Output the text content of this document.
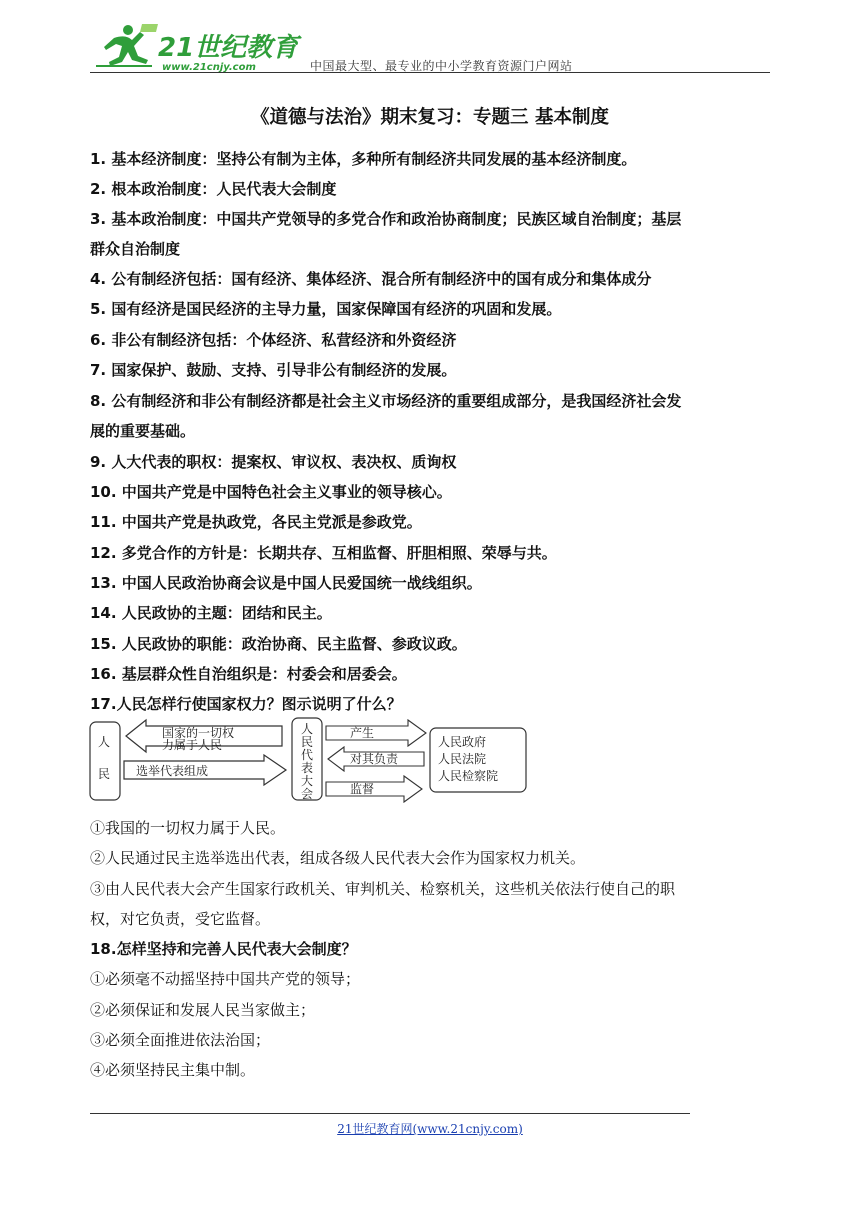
21世纪教育
www.21cnjy.com	中国最大型、最专业的中小学教育资源门户网站
《道德与法治》期末复习：专题三 基本制度
1. 基本经济制度：坚持公有制为主体，多种所有制经济共同发展的基本经济制度。
2. 根本政治制度：人民代表大会制度
3. 基本政治制度：中国共产党领导的多党合作和政治协商制度；民族区域自治制度；基层
群众自治制度
4. 公有制经济包括：国有经济、集体经济、混合所有制经济中的国有成分和集体成分
5. 国有经济是国民经济的主导力量，国家保障国有经济的巩固和发展。
6. 非公有制经济包括：个体经济、私营经济和外资经济
7. 国家保护、鼓励、支持、引导非公有制经济的发展。
8. 公有制经济和非公有制经济都是社会主义市场经济的重要组成部分，是我国经济社会发
展的重要基础。
9. 人大代表的职权：提案权、审议权、表决权、质询权
10. 中国共产党是中国特色社会主义事业的领导核心。
11. 中国共产党是执政党，各民主党派是参政党。
12. 多党合作的方针是：长期共存、互相监督、肝胆相照、荣辱与共。
13. 中国人民政治协商会议是中国人民爱国统一战线组织。
14. 人民政协的主题：团结和民主。
15. 人民政协的职能：政治协商、民主监督、参政议政。
16. 基层群众性自治组织是：村委会和居委会。
17.人民怎样行使国家权力？图示说明了什么？
人
民
国家的一切权
力属于人民
选举代表组成
人
民
代
表
大
会
产生
对其负责
监督
人民政府
人民法院
人民检察院
①我国的一切权力属于人民。
②人民通过民主选举选出代表，组成各级人民代表大会作为国家权力机关。
③由人民代表大会产生国家行政机关、审判机关、检察机关，这些机关依法行使自己的职
权，对它负责，受它监督。
18.怎样坚持和完善人民代表大会制度？
①必须毫不动摇坚持中国共产党的领导；
②必须保证和发展人民当家做主；
③必须全面推进依法治国；
④必须坚持民主集中制。
21世纪教育网(www.21cnjy.com)
